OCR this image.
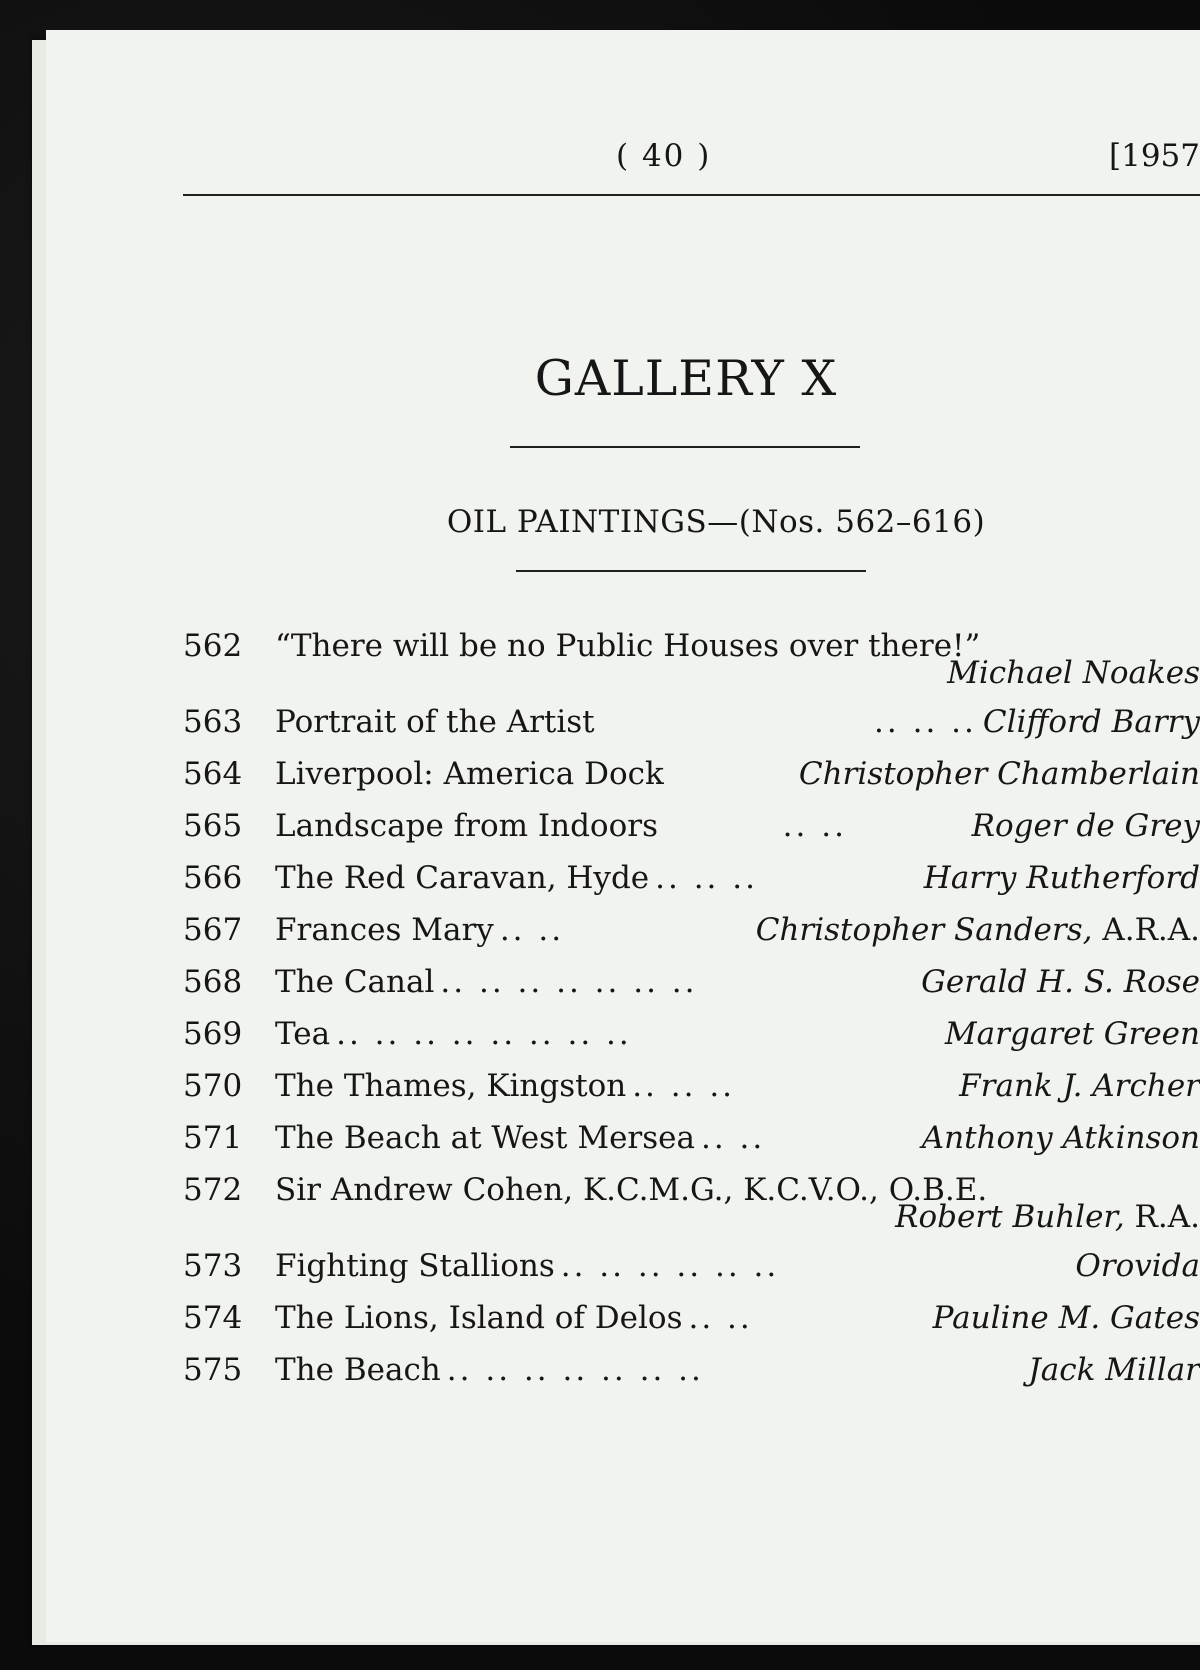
( 40 )	[1957
GALLERY X
OIL PAINTINGS—(Nos. 562–616)
562	“There will be no Public Houses over there!”
Michael Noakes
563	Portrait of the Artist	.. .. .. Clifford Barry
564	Liverpool: America Dock	Christopher Chamberlain
565	Landscape from Indoors	.. ..	Roger de Grey
566	The Red Caravan, Hyde .. .. ..	Harry Rutherford
567	Frances Mary .. ..	Christopher Sanders, A.R.A.
568	The Canal .. .. .. .. .. .. ..	Gerald H. S. Rose
569	Tea .. .. .. .. .. .. .. ..	Margaret Green
570	The Thames, Kingston .. .. ..	Frank J. Archer
571	The Beach at West Mersea .. ..	Anthony Atkinson
572	Sir Andrew Cohen, K.C.M.G., K.C.V.O., O.B.E.
Robert Buhler, R.A.
573	Fighting Stallions .. .. .. .. .. ..	Orovida
574	The Lions, Island of Delos .. ..	Pauline M. Gates
575	The Beach .. .. .. .. .. .. ..	Jack Millar
